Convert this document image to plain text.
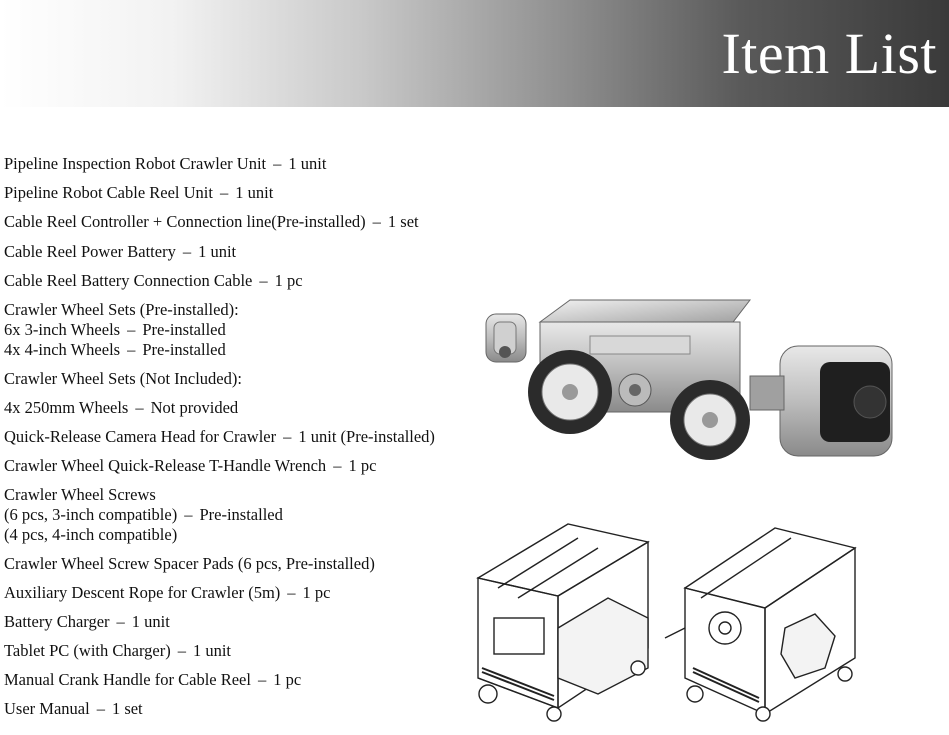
Item List
Pipeline Inspection Robot Crawler Unit – 1 unit
Pipeline Robot Cable Reel Unit – 1 unit
Cable Reel Controller + Connection line(Pre-installed) – 1 set
Cable Reel Power Battery – 1 unit
Cable Reel Battery Connection Cable – 1 pc
Crawler Wheel Sets (Pre-installed):
6x 3-inch Wheels – Pre-installed
4x 4-inch Wheels – Pre-installed
Crawler Wheel Sets (Not Included):
4x 250mm Wheels – Not provided
Quick-Release Camera Head for Crawler – 1 unit (Pre-installed)
Crawler Wheel Quick-Release T-Handle Wrench – 1 pc
Crawler Wheel Screws
(6 pcs, 3-inch compatible) – Pre-installed
(4 pcs, 4-inch compatible)
Crawler Wheel Screw Spacer Pads (6 pcs, Pre-installed)
Auxiliary Descent Rope for Crawler (5m) – 1 pc
Battery Charger – 1 unit
Tablet PC (with Charger) – 1 unit
Manual Crank Handle for Cable Reel – 1 pc
User Manual – 1 set
